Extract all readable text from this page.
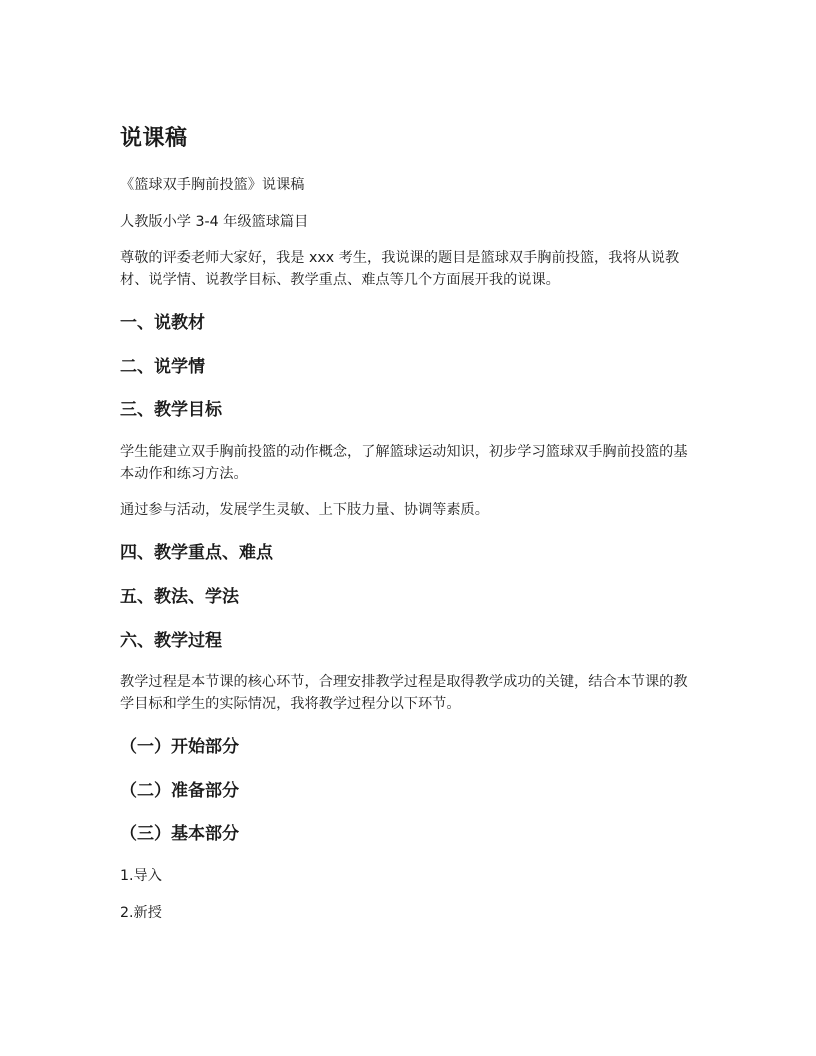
说课稿

《篮球双手胸前投篮》说课稿

人教版小学 3-4 年级篮球篇目

尊敬的评委老师大家好，我是 xxx 考生，我说课的题目是篮球双手胸前投篮，我将从说教材、说学情、说教学目标、教学重点、难点等几个方面展开我的说课。

一、说教材
二、说学情
三、教学目标

学生能建立双手胸前投篮的动作概念，了解篮球运动知识，初步学习篮球双手胸前投篮的基本动作和练习方法。

通过参与活动，发展学生灵敏、上下肢力量、协调等素质。

四、教学重点、难点
五、教法、学法
六、教学过程

教学过程是本节课的核心环节，合理安排教学过程是取得教学成功的关键，结合本节课的教学目标和学生的实际情况，我将教学过程分以下环节。

（一）开始部分
（二）准备部分
（三）基本部分

1.导入

2.新授
